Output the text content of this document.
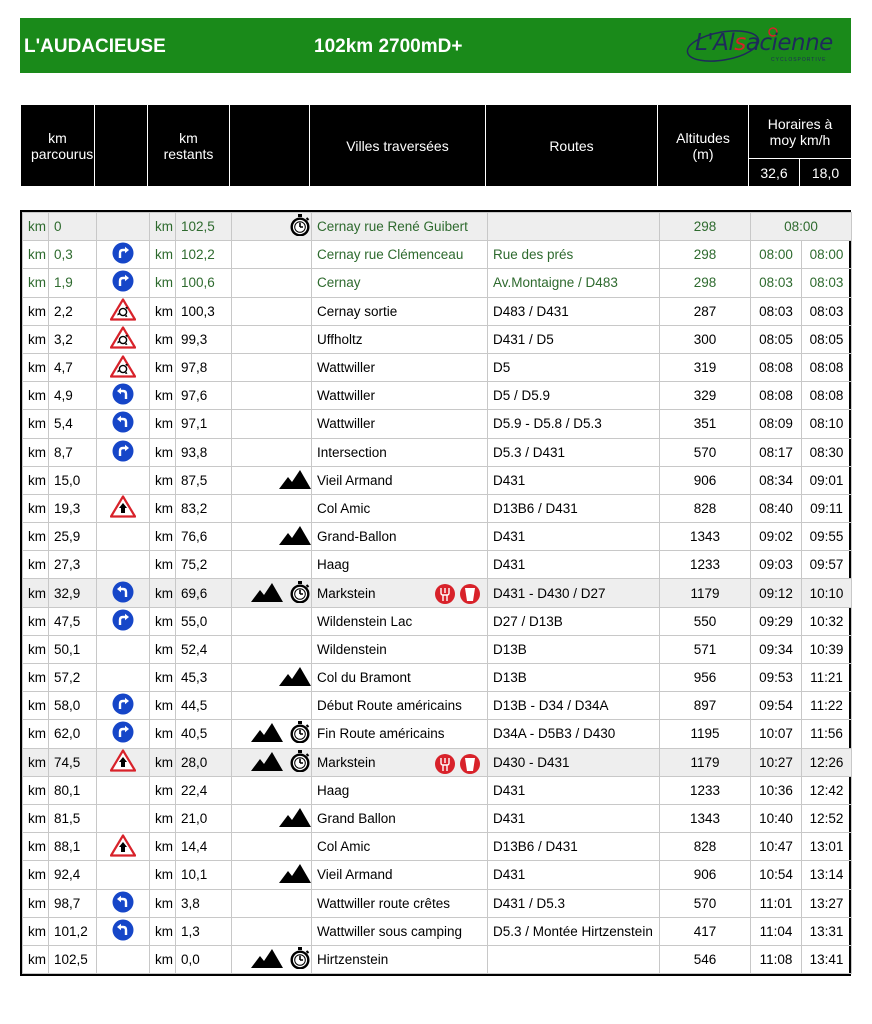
L'AUDACIEUSE	102km 2700mD+	L'Alsacienne
CYCLOSPORTIVE
km parcourus		km restants		Villes traversées	Routes	Altitudes (m)	Horaires à moy km/h	
							32,6	18,0
km	0		km	102,5		Cernay rue René Guibert		298	08:00	
km	0,3		km	102,2		Cernay rue Clémenceau	Rue des prés	298	08:00	08:00
km	1,9		km	100,6		Cernay	Av.Montaigne / D483	298	08:03	08:03
km	2,2		km	100,3		Cernay sortie	D483 / D431	287	08:03	08:03
km	3,2		km	99,3		Uffholtz	D431 / D5	300	08:05	08:05
km	4,7		km	97,8		Wattwiller	D5	319	08:08	08:08
km	4,9		km	97,6		Wattwiller	D5 / D5.9	329	08:08	08:08
km	5,4		km	97,1		Wattwiller	D5.9 - D5.8 / D5.3	351	08:09	08:10
km	8,7		km	93,8		Intersection	D5.3 / D431	570	08:17	08:30
km	15,0		km	87,5		Vieil Armand	D431	906	08:34	09:01
km	19,3		km	83,2		Col Amic	D13B6 / D431	828	08:40	09:11
km	25,9		km	76,6		Grand-Ballon	D431	1343	09:02	09:55
km	27,3		km	75,2		Haag	D431	1233	09:03	09:57
km	32,9		km	69,6		Markstein	D431 - D430 / D27	1179	09:12	10:10
km	47,5		km	55,0		Wildenstein Lac	D27 / D13B	550	09:29	10:32
km	50,1		km	52,4		Wildenstein	D13B	571	09:34	10:39
km	57,2		km	45,3		Col du Bramont	D13B	956	09:53	11:21
km	58,0		km	44,5		Début Route américains	D13B - D34 / D34A	897	09:54	11:22
km	62,0		km	40,5		Fin Route américains	D34A - D5B3 / D430	1195	10:07	11:56
km	74,5		km	28,0		Markstein	D430 - D431	1179	10:27	12:26
km	80,1		km	22,4		Haag	D431	1233	10:36	12:42
km	81,5		km	21,0		Grand Ballon	D431	1343	10:40	12:52
km	88,1		km	14,4		Col Amic	D13B6 / D431	828	10:47	13:01
km	92,4		km	10,1		Vieil Armand	D431	906	10:54	13:14
km	98,7		km	3,8		Wattwiller route crêtes	D431 / D5.3	570	11:01	13:27
km	101,2		km	1,3		Wattwiller sous camping	D5.3 / Montée Hirtzenstein	417	11:04	13:31
km	102,5		km	0,0		Hirtzenstein		546	11:08	13:41
